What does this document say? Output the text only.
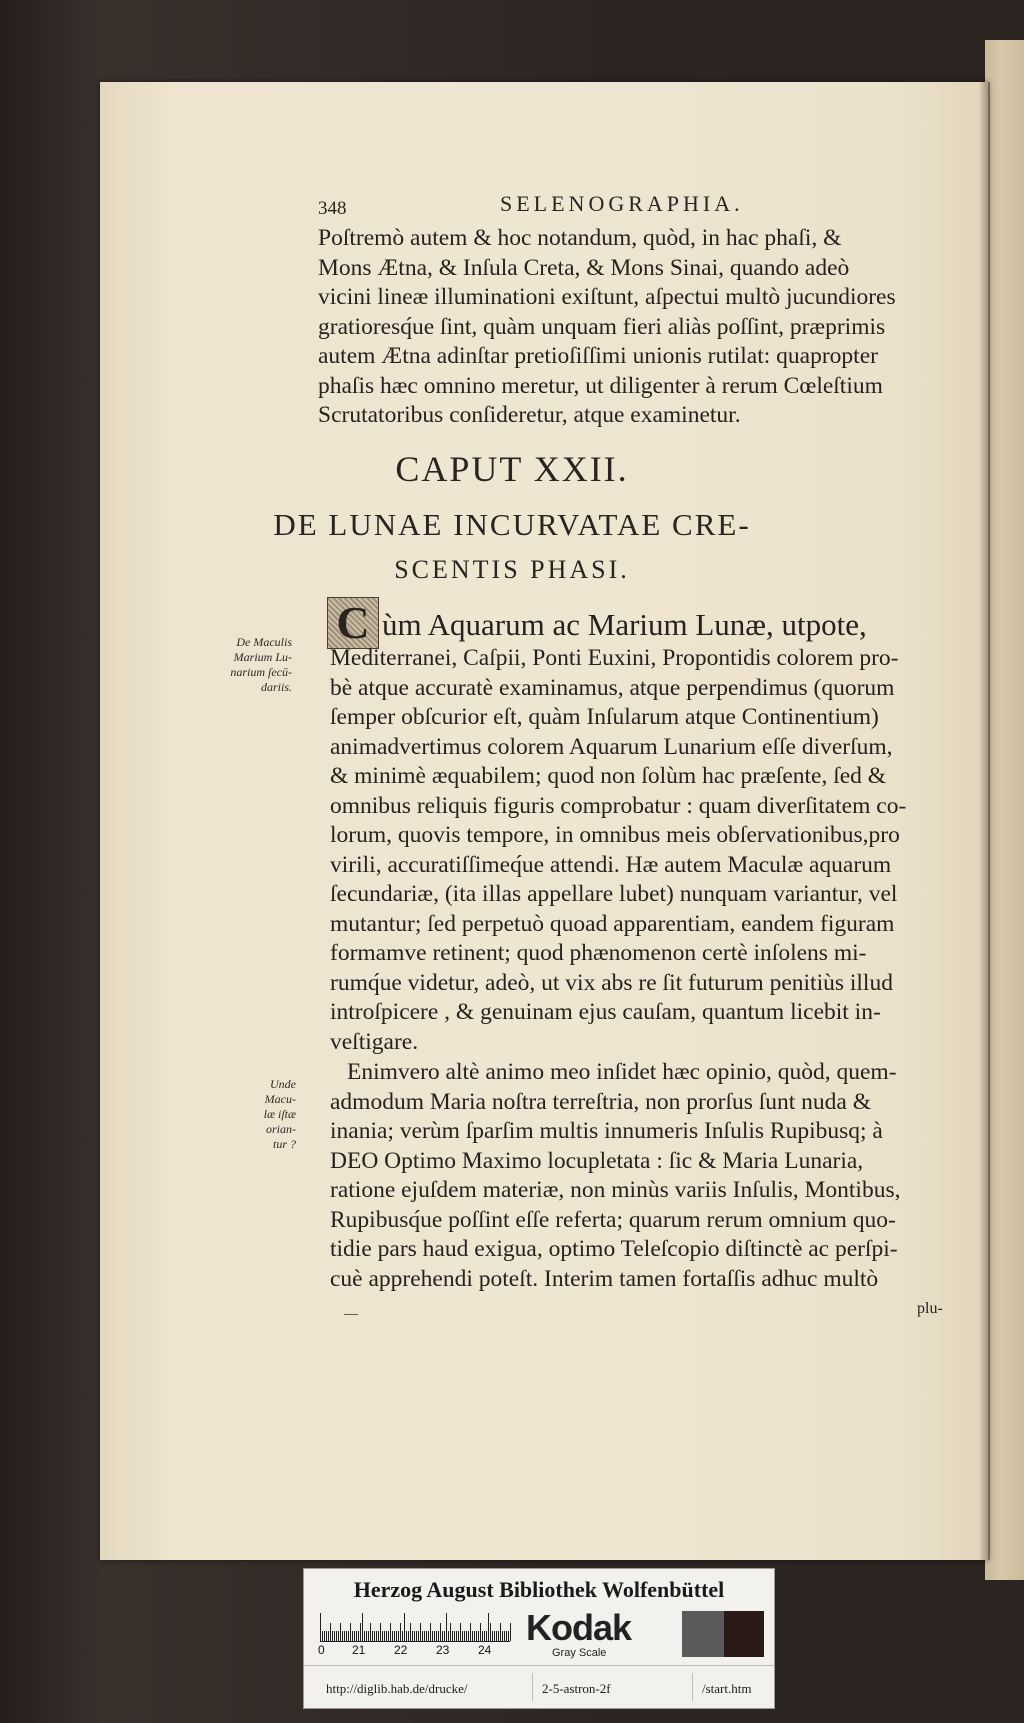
348	SELENOGRAPHIA.
Poſtremò autem & hoc notandum, quòd, in hac phaſi, &
Mons Ætna, & Inſula Creta, & Mons Sinai, quando adeò
vicini lineæ illuminationi exiſtunt, aſpectui multò jucundiores
gratioresq́ue ſint, quàm unquam fieri aliàs poſſint, præprimis
autem Ætna adinſtar pretioſiſſimi unionis rutilat: quapropter
phaſis hæc omnino meretur, ut diligenter à rerum Cœleſtium
Scrutatoribus conſideretur, atque examinetur.
CAPUT XXII.
DE LUNAE INCURVATAE CRE-
SCENTIS PHASI.
C
De Maculis
Marium Lu-
narium ſecū-
dariis.
ùm Aquarum ac Marium Lunæ, utpote,
Mediterranei, Caſpii, Ponti Euxini, Propontidis colorem pro-
bè atque accuratè examinamus, atque perpendimus (quorum
ſemper obſcurior eſt, quàm Inſularum atque Continentium)
animadvertimus colorem Aquarum Lunarium eſſe diverſum,
& minimè æquabilem; quod non ſolùm hac præſente, ſed &
omnibus reliquis figuris comprobatur : quam diverſitatem co-
lorum, quovis tempore, in omnibus meis obſervationibus,pro
virili, accuratiſſimeq́ue attendi. Hæ autem Maculæ aquarum
ſecundariæ, (ita illas appellare lubet) nunquam variantur, vel
mutantur; ſed perpetuò quoad apparentiam, eandem figuram
formamve retinent; quod phænomenon certè inſolens mi-
rumq́ue videtur, adeò, ut vix abs re ſit futurum penitiùs illud
introſpicere , & genuinam ejus cauſam, quantum licebit in-
veſtigare.
Unde Macu-
læ iſtæ orian-
tur ?
Enimvero altè animo meo inſidet hæc opinio, quòd, quem-
admodum Maria noſtra terreſtria, non prorſus ſunt nuda &
inania; verùm ſparſim multis innumeris Inſulis Rupibusq; à
DEO Optimo Maximo locupletata : ſic & Maria Lunaria,
ratione ejuſdem materiæ, non minùs variis Inſulis, Montibus,
Rupibusq́ue poſſint eſſe referta; quarum rerum omnium quo-
tidie pars haud exigua, optimo Teleſcopio diſtinctè ac perſpi-
cuè apprehendi poteſt. Interim tamen fortaſſis adhuc multò
plu-
Herzog August Bibliothek Wolfenbüttel
0 21 22 23 24
Kodak
Gray Scale
http://diglib.hab.de/drucke/	2-5-astron-2f	/start.htm
